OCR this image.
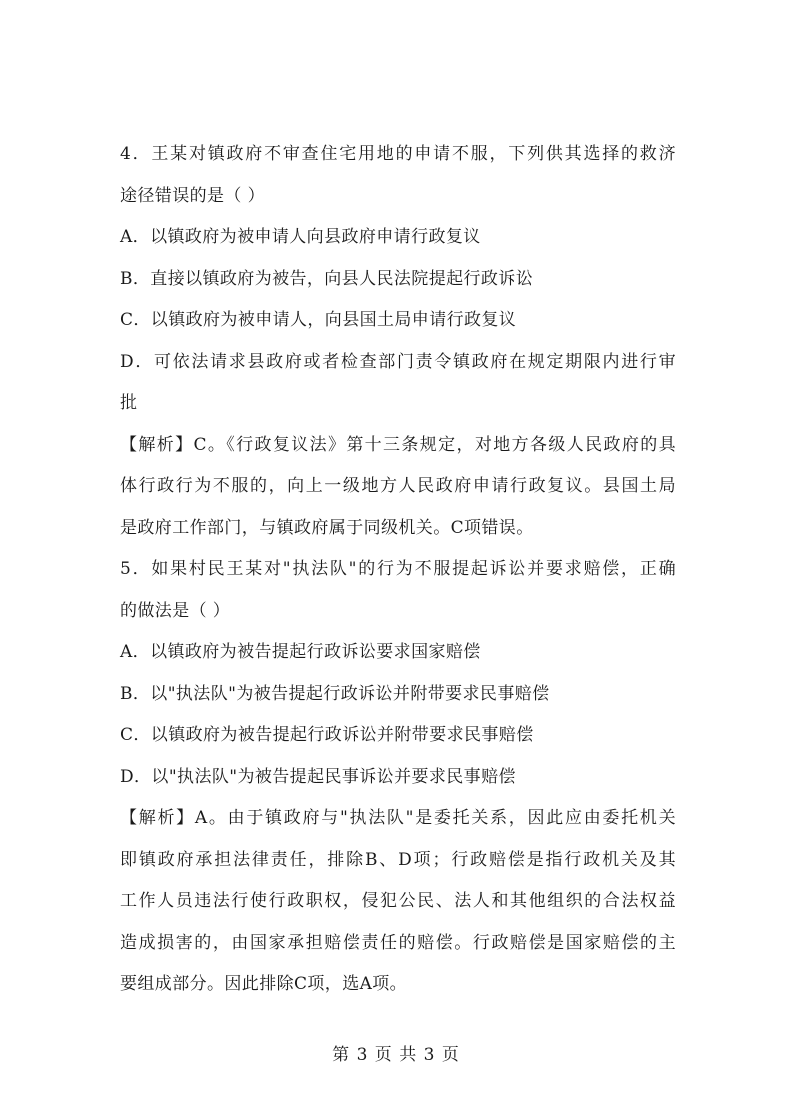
4．王某对镇政府不审查住宅用地的申请不服，下列供其选择的救济
途径错误的是（ ）
A．以镇政府为被申请人向县政府申请行政复议
B．直接以镇政府为被告，向县人民法院提起行政诉讼
C．以镇政府为被申请人，向县国土局申请行政复议
D．可依法请求县政府或者检查部门责令镇政府在规定期限内进行审
批
【解析】C。《行政复议法》第十三条规定，对地方各级人民政府的具
体行政行为不服的，向上一级地方人民政府申请行政复议。县国土局
是政府工作部门，与镇政府属于同级机关。C项错误。
5．如果村民王某对"执法队"的行为不服提起诉讼并要求赔偿，正确
的做法是（ ）
A．以镇政府为被告提起行政诉讼要求国家赔偿
B．以"执法队"为被告提起行政诉讼并附带要求民事赔偿
C．以镇政府为被告提起行政诉讼并附带要求民事赔偿
D．以"执法队"为被告提起民事诉讼并要求民事赔偿
【解析】A。由于镇政府与"执法队"是委托关系，因此应由委托机关
即镇政府承担法律责任，排除B、D项；行政赔偿是指行政机关及其
工作人员违法行使行政职权，侵犯公民、法人和其他组织的合法权益
造成损害的，由国家承担赔偿责任的赔偿。行政赔偿是国家赔偿的主
要组成部分。因此排除C项，选A项。
第 3 页 共 3 页
